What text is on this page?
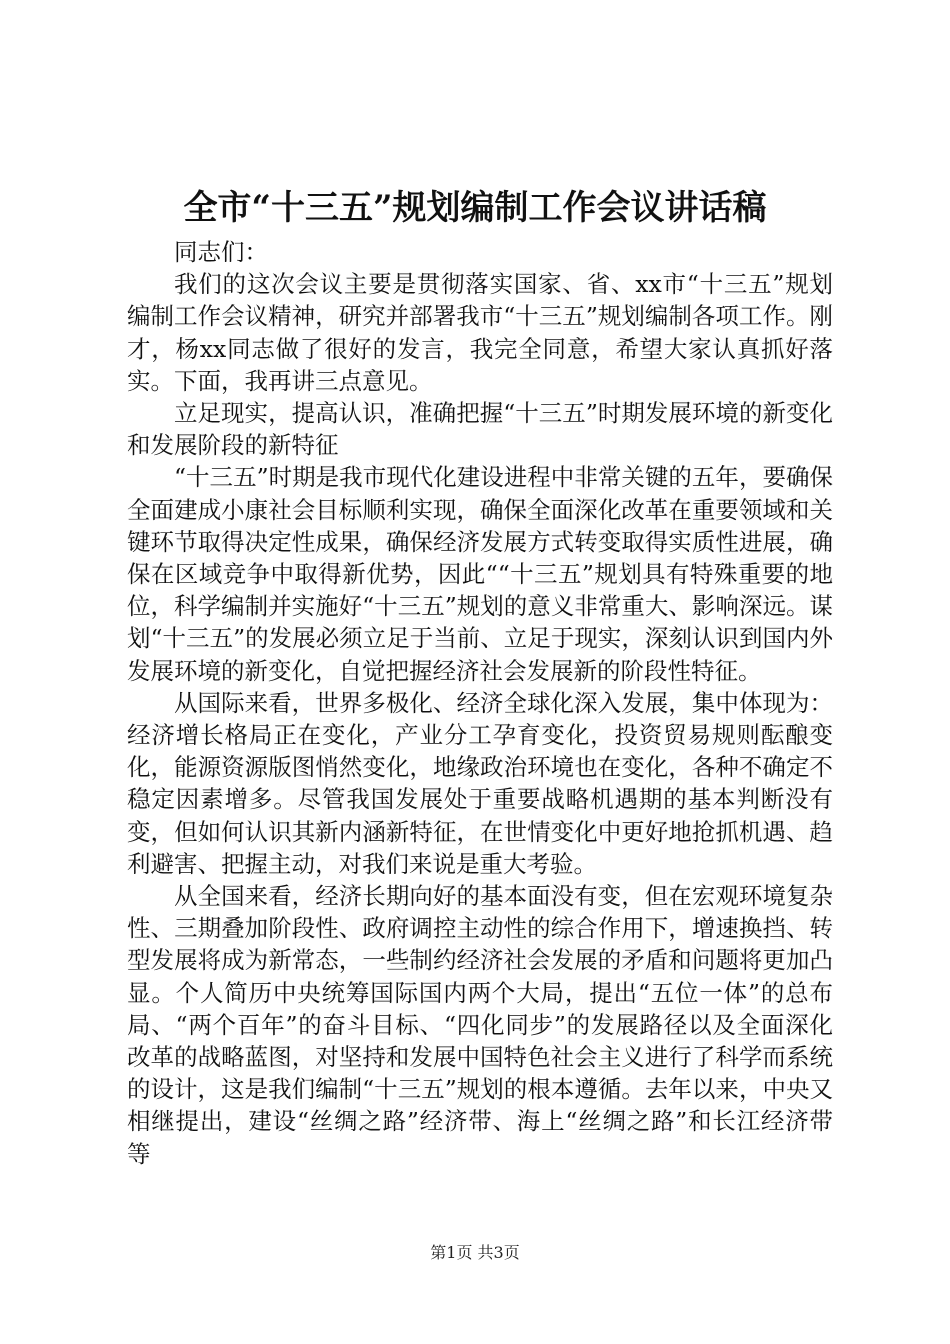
全市“十三五”规划编制工作会议讲话稿

同志们：

我们的这次会议主要是贯彻落实国家、省、xx市“十三五”规划编制工作会议精神，研究并部署我市“十三五”规划编制各项工作。刚才，杨xx同志做了很好的发言，我完全同意，希望大家认真抓好落实。下面，我再讲三点意见。

立足现实，提高认识，准确把握“十三五”时期发展环境的新变化和发展阶段的新特征

“十三五”时期是我市现代化建设进程中非常关键的五年，要确保全面建成小康社会目标顺利实现，确保全面深化改革在重要领域和关键环节取得决定性成果，确保经济发展方式转变取得实质性进展，确保在区域竞争中取得新优势，因此““十三五”规划具有特殊重要的地位，科学编制并实施好“十三五”规划的意义非常重大、影响深远。谋划“十三五”的发展必须立足于当前、立足于现实，深刻认识到国内外发展环境的新变化，自觉把握经济社会发展新的阶段性特征。

从国际来看，世界多极化、经济全球化深入发展，集中体现为：经济增长格局正在变化，产业分工孕育变化，投资贸易规则酝酿变化，能源资源版图悄然变化，地缘政治环境也在变化，各种不确定不稳定因素增多。尽管我国发展处于重要战略机遇期的基本判断没有变，但如何认识其新内涵新特征，在世情变化中更好地抢抓机遇、趋利避害、把握主动，对我们来说是重大考验。

从全国来看，经济长期向好的基本面没有变，但在宏观环境复杂性、三期叠加阶段性、政府调控主动性的综合作用下，增速换挡、转型发展将成为新常态，一些制约经济社会发展的矛盾和问题将更加凸显。个人简历中央统筹国际国内两个大局，提出“五位一体”的总布局、“两个百年”的奋斗目标、“四化同步”的发展路径以及全面深化改革的战略蓝图，对坚持和发展中国特色社会主义进行了科学而系统的设计，这是我们编制“十三五”规划的根本遵循。去年以来，中央又相继提出，建设“丝绸之路”经济带、海上“丝绸之路”和长江经济带等

第1页 共3页
